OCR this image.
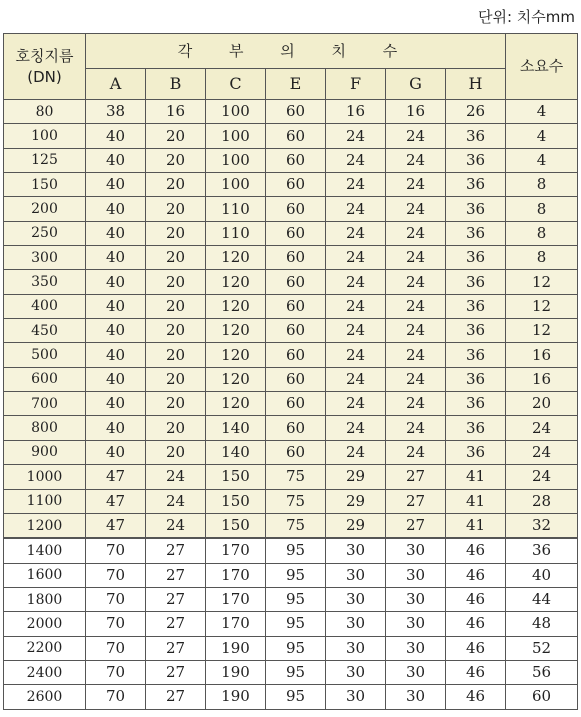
단위: 치수mm
호칭지름
(DN)	각 부 의 치 수							소요수
	A	B	C	E	F	G	H	
80	38	16	100	60	16	16	26	4
100	40	20	100	60	24	24	36	4
125	40	20	100	60	24	24	36	4
150	40	20	100	60	24	24	36	8
200	40	20	110	60	24	24	36	8
250	40	20	110	60	24	24	36	8
300	40	20	120	60	24	24	36	8
350	40	20	120	60	24	24	36	12
400	40	20	120	60	24	24	36	12
450	40	20	120	60	24	24	36	12
500	40	20	120	60	24	24	36	16
600	40	20	120	60	24	24	36	16
700	40	20	120	60	24	24	36	20
800	40	20	140	60	24	24	36	24
900	40	20	140	60	24	24	36	24
1000	47	24	150	75	29	27	41	24
1100	47	24	150	75	29	27	41	28
1200	47	24	150	75	29	27	41	32
1400	70	27	170	95	30	30	46	36
1600	70	27	170	95	30	30	46	40
1800	70	27	170	95	30	30	46	44
2000	70	27	170	95	30	30	46	48
2200	70	27	190	95	30	30	46	52
2400	70	27	190	95	30	30	46	56
2600	70	27	190	95	30	30	46	60
